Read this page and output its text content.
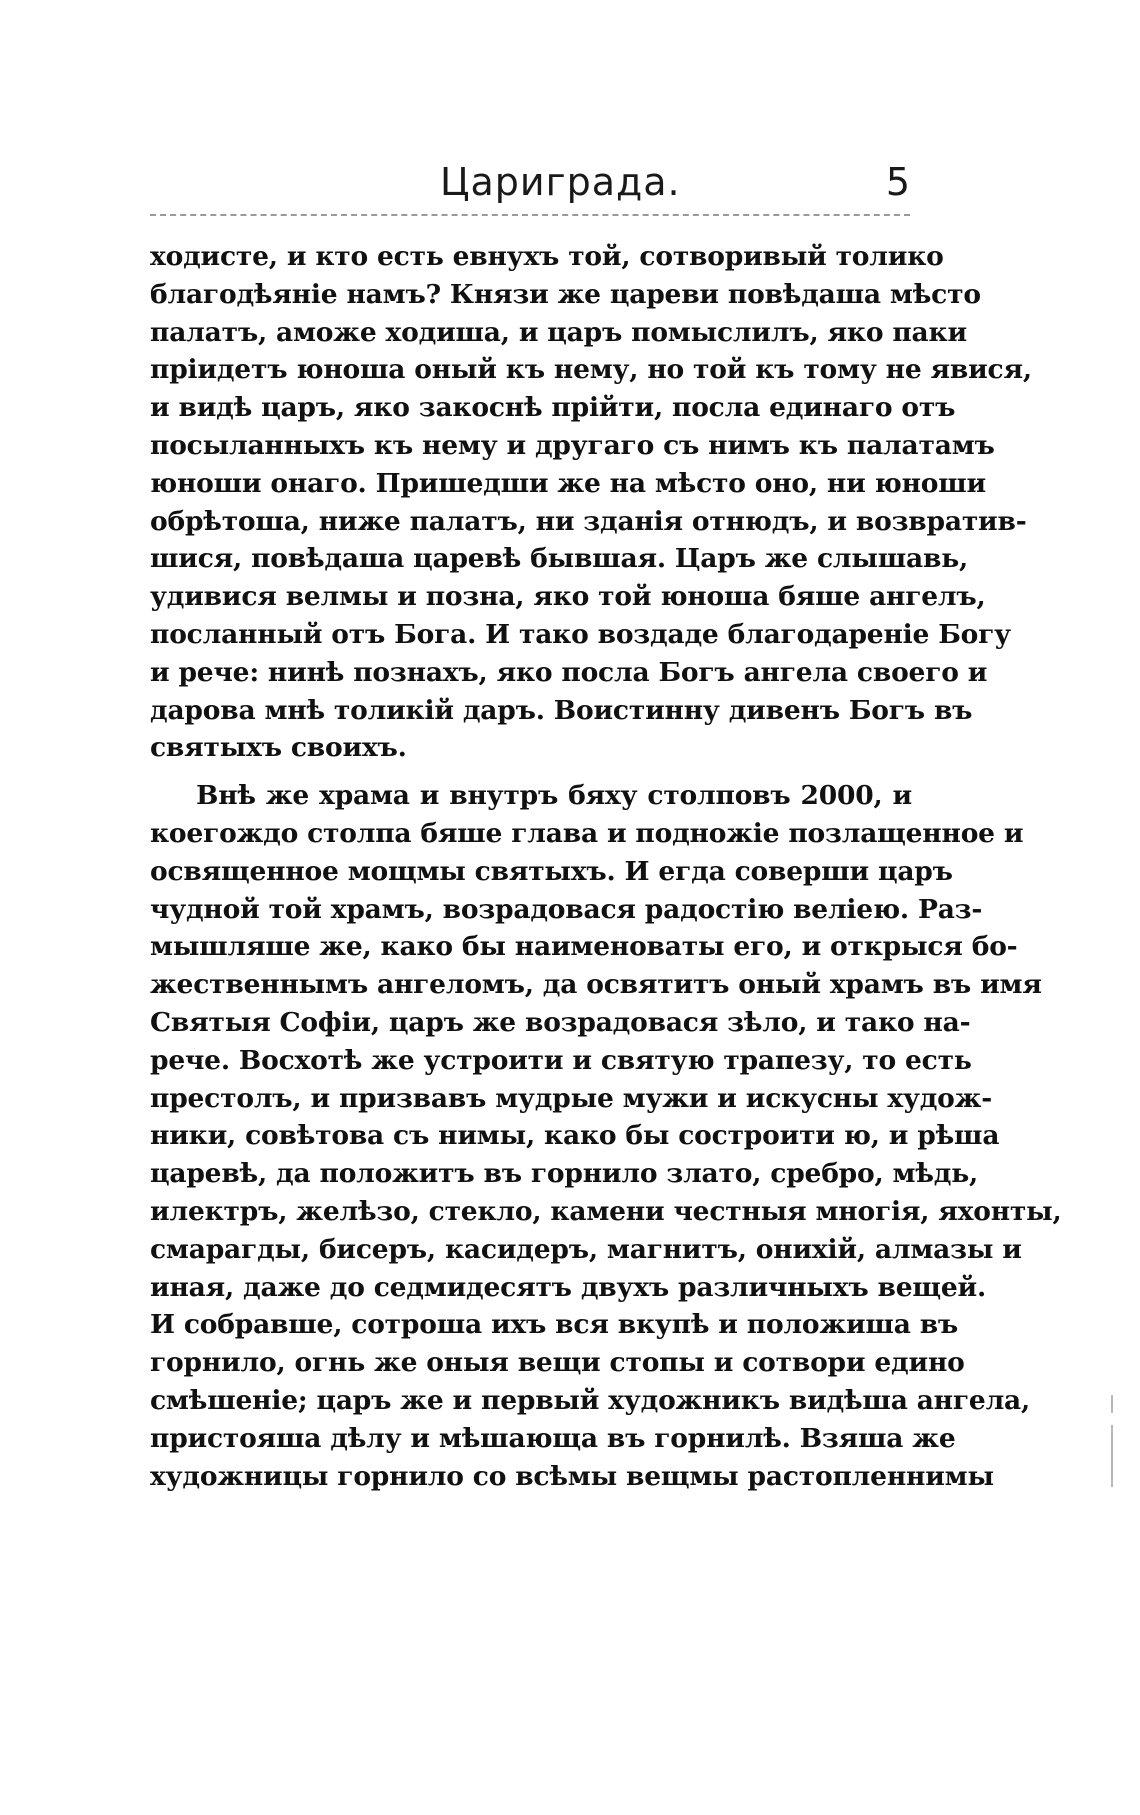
Цариграда.	5
ходисте, и кто есть евнухъ той, сотворивый толико
благодѣяніе намъ? Князи же цареви повѣдаша мѣсто
палатъ, аможе ходиша, и царъ помыслилъ, яко паки
пріидетъ юноша оный къ нему, но той къ тому не явися,
и видѣ царъ, яко закоснѣ прійти, посла единаго отъ
посыланныхъ къ нему и другаго съ нимъ къ палатамъ
юноши онаго. Пришедши же на мѣсто оно, ни юноши
обрѣтоша, ниже палатъ, ни зданія отнюдъ, и возвратив-
шися, повѣдаша царевѣ бывшая. Царъ же слышавь,
удивися велмы и позна, яко той юноша бяше ангелъ,
посланный отъ Бога. И тако воздаде благодареніе Богу
и рече: нинѣ познахъ, яко посла Богъ ангела своего и
дарова мнѣ толикій даръ. Воистинну дивенъ Богъ въ
святыхъ своихъ.
Внѣ же храма и внутръ бяху столповъ 2000, и
коегождо столпа бяше глава и подножіе позлащенное и
освященное мощмы святыхъ. И егда соверши царъ
чудной той храмъ, возрадовася радостію веліею. Раз-
мышляше же, како бы наименоваты его, и открыся бо-
жественнымъ ангеломъ, да освятитъ оный храмъ въ имя
Святыя Софіи, царъ же возрадовася зѣло, и тако на-
рече. Восхотѣ же устроити и святую трапезу, то есть
престолъ, и призвавъ мудрые мужи и искусны худож-
ники, совѣтова съ нимы, како бы состроити ю, и рѣша
царевѣ, да положитъ въ горнило злато, сребро, мѣдь,
илектръ, желѣзо, стекло, камени честныя многія, яхонты,
смарагды, бисеръ, касидеръ, магнитъ, онихій, алмазы и
иная, даже до седмидесятъ двухъ различныхъ вещей.
И собравше, сотроша ихъ вся вкупѣ и положиша въ
горнило, огнь же оныя вещи стопы и сотвори едино
смѣшеніе; царъ же и первый художникъ видѣша ангела,
пристояша дѣлу и мѣшающа въ горнилѣ. Взяша же
художницы горнило со всѣмы вещмы растопленнимы
